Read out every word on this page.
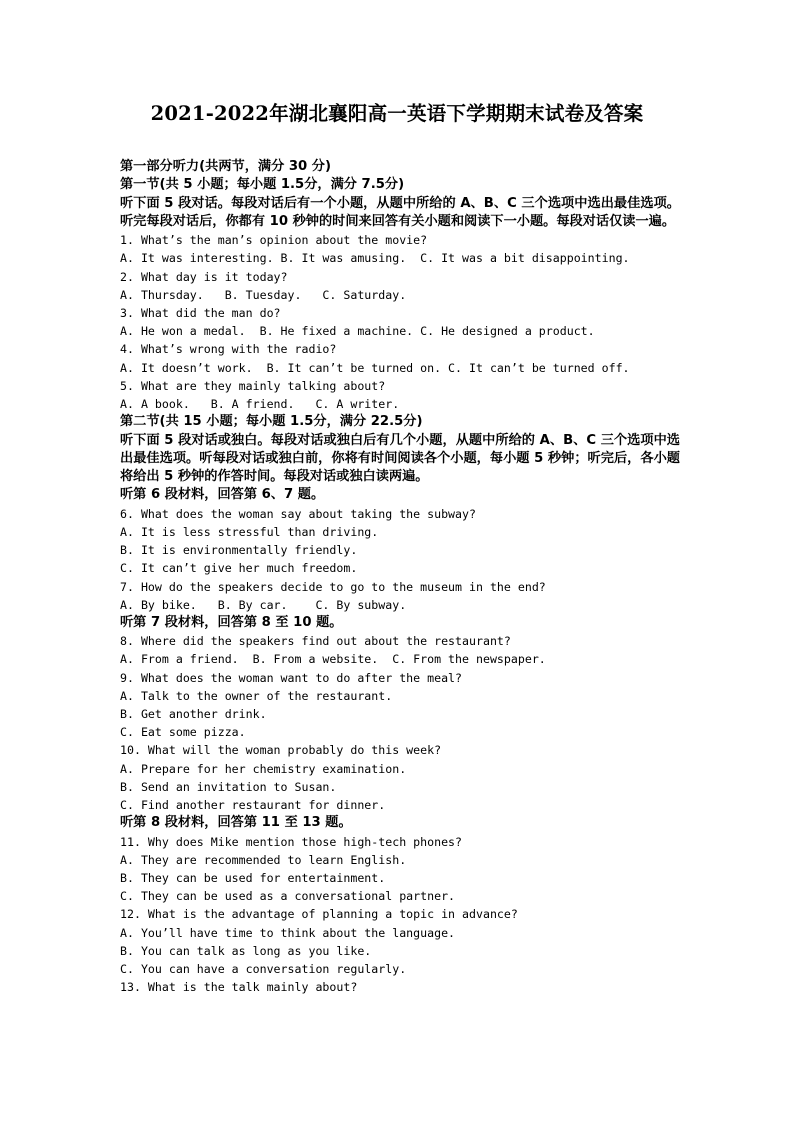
2021-2022年湖北襄阳高一英语下学期期末试卷及答案
第一部分听力(共两节，满分 30 分)
第一节(共 5 小题；每小题 1.5分，满分 7.5分)
听下面 5 段对话。每段对话后有一个小题，从题中所给的 A、B、C 三个选项中选出最佳选项。听完每段对话后，你都有 10 秒钟的时间来回答有关小题和阅读下一小题。每段对话仅读一遍。
1. What’s the man’s opinion about the movie?
A. It was interesting. B. It was amusing.  C. It was a bit disappointing.
2. What day is it today?
A. Thursday.   B. Tuesday.   C. Saturday.
3. What did the man do?
A. He won a medal.  B. He fixed a machine. C. He designed a product.
4. What’s wrong with the radio?
A. It doesn’t work.  B. It can’t be turned on. C. It can’t be turned off.
5. What are they mainly talking about?
A. A book.   B. A friend.   C. A writer.
第二节(共 15 小题；每小题 1.5分，满分 22.5分)
听下面 5 段对话或独白。每段对话或独白后有几个小题，从题中所给的 A、B、C 三个选项中选出最佳选项。听每段对话或独白前，你将有时间阅读各个小题，每小题 5 秒钟；听完后，各小题将给出 5 秒钟的作答时间。每段对话或独白读两遍。
听第 6 段材料，回答第 6、7 题。
6. What does the woman say about taking the subway?
A. It is less stressful than driving.
B. It is environmentally friendly.
C. It can’t give her much freedom.
7. How do the speakers decide to go to the museum in the end?
A. By bike.   B. By car.    C. By subway.
听第 7 段材料，回答第 8 至 10 题。
8. Where did the speakers find out about the restaurant?
A. From a friend.  B. From a website.  C. From the newspaper.
9. What does the woman want to do after the meal?
A. Talk to the owner of the restaurant.
B. Get another drink.
C. Eat some pizza.
10. What will the woman probably do this week?
A. Prepare for her chemistry examination.
B. Send an invitation to Susan.
C. Find another restaurant for dinner.
听第 8 段材料，回答第 11 至 13 题。
11. Why does Mike mention those high-tech phones?
A. They are recommended to learn English.
B. They can be used for entertainment.
C. They can be used as a conversational partner.
12. What is the advantage of planning a topic in advance?
A. You’ll have time to think about the language.
B. You can talk as long as you like.
C. You can have a conversation regularly.
13. What is the talk mainly about?
